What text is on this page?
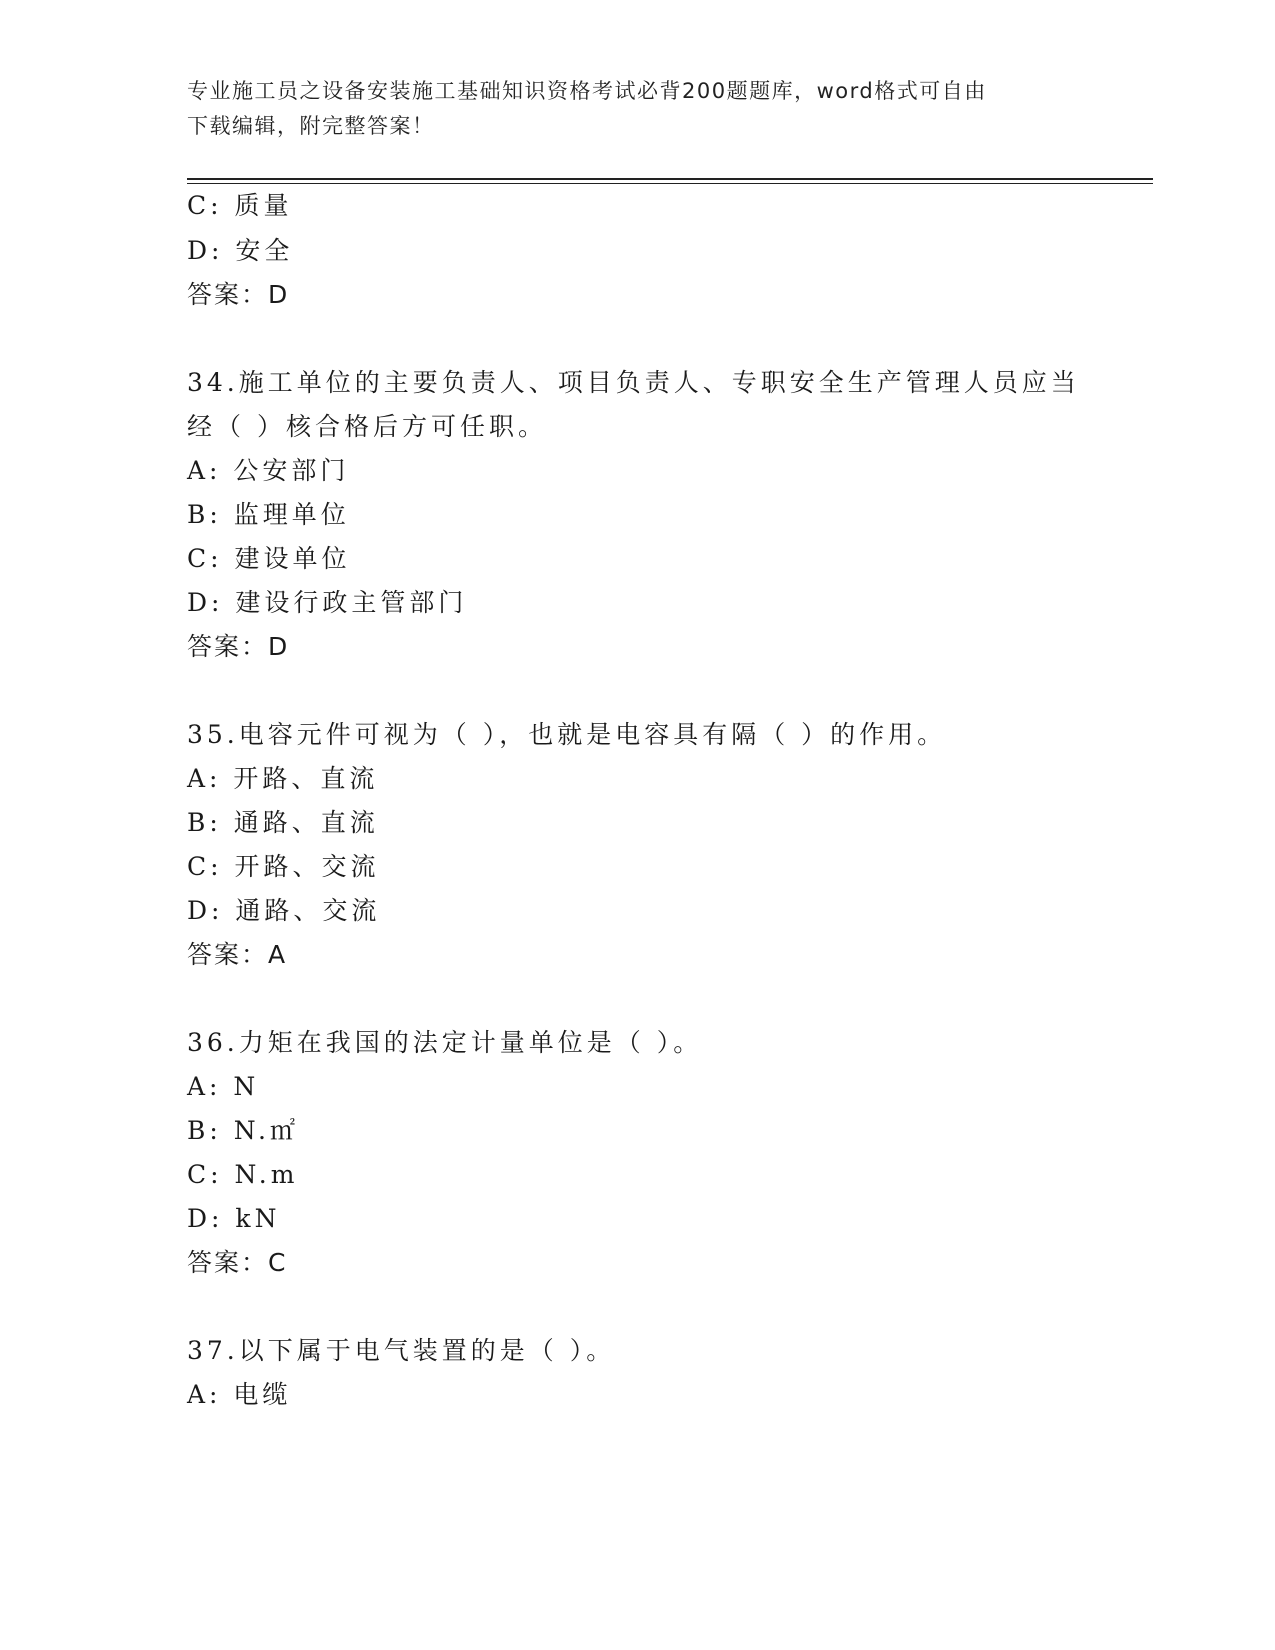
专业施工员之设备安装施工基础知识资格考试必背200题题库，word格式可自由
下载编辑，附完整答案！
C: 质量
D: 安全
答案：D
34.施工单位的主要负责人、项目负责人、专职安全生产管理人员应当
经（ ）核合格后方可任职。
A: 公安部门
B: 监理单位
C: 建设单位
D: 建设行政主管部门
答案：D
35.电容元件可视为（ ），也就是电容具有隔（ ）的作用。
A: 开路、直流
B: 通路、直流
C: 开路、交流
D: 通路、交流
答案：A
36.力矩在我国的法定计量单位是（ ）。
A: N
B: N.㎡
C: N.m
D: kN
答案：C
37.以下属于电气装置的是（ ）。
A: 电缆
